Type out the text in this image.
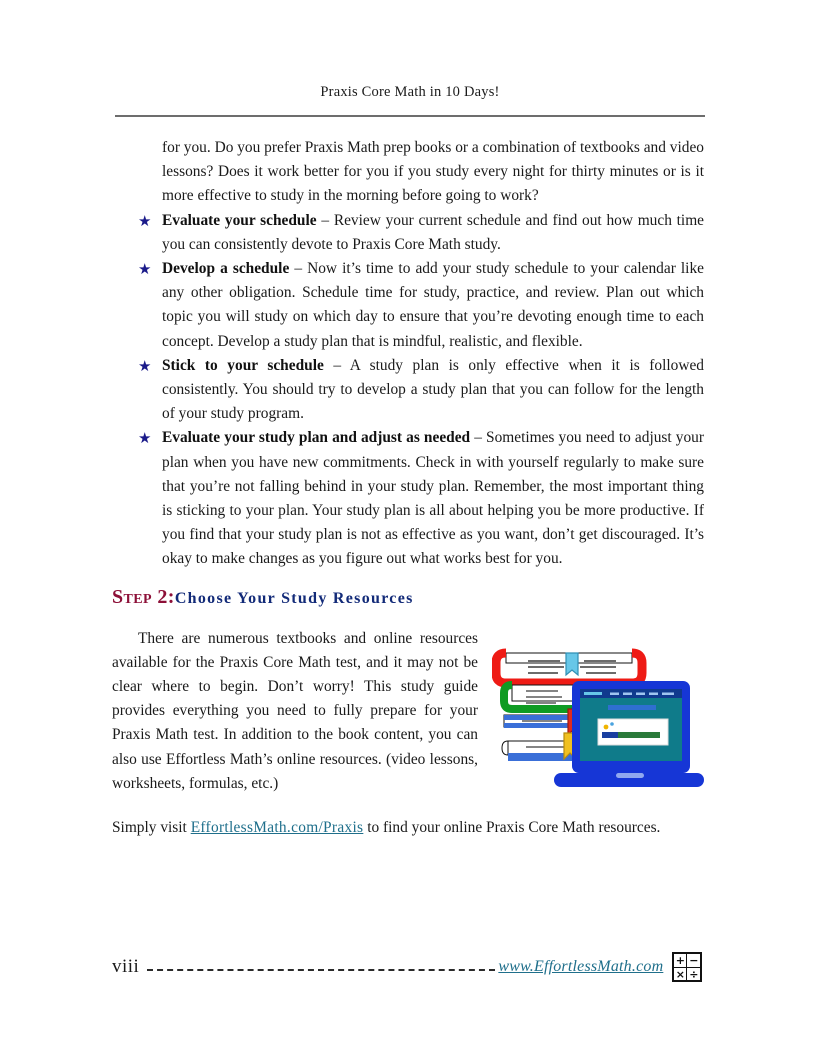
Praxis Core Math in 10 Days!

for you. Do you prefer Praxis Math prep books or a combination of textbooks and video lessons? Does it work better for you if you study every night for thirty minutes or is it more effective to study in the morning before going to work?

★ Evaluate your schedule – Review your current schedule and find out how much time you can consistently devote to Praxis Core Math study.
★ Develop a schedule – Now it’s time to add your study schedule to your calendar like any other obligation. Schedule time for study, practice, and review. Plan out which topic you will study on which day to ensure that you’re devoting enough time to each concept. Develop a study plan that is mindful, realistic, and flexible.
★ Stick to your schedule – A study plan is only effective when it is followed consistently. You should try to develop a study plan that you can follow for the length of your study program.
★ Evaluate your study plan and adjust as needed – Sometimes you need to adjust your plan when you have new commitments. Check in with yourself regularly to make sure that you’re not falling behind in your study plan. Remember, the most important thing is sticking to your plan. Your study plan is all about helping you be more productive. If you find that your study plan is not as effective as you want, don’t get discouraged. It’s okay to make changes as you figure out what works best for you.
Step 2:Choose Your Study Resources

There are numerous textbooks and online resources available for the Praxis Core Math test, and it may not be clear where to begin. Don’t worry! This study guide provides everything you need to fully prepare for your Praxis Math test. In addition to the book content, you can also use Effortless Math’s online resources. (video lessons, worksheets, formulas, etc.)

Simply visit EffortlessMath.com/Praxis to find your online Praxis Core Math resources.

viii	www.EffortlessMath.com	+ −
× ÷
